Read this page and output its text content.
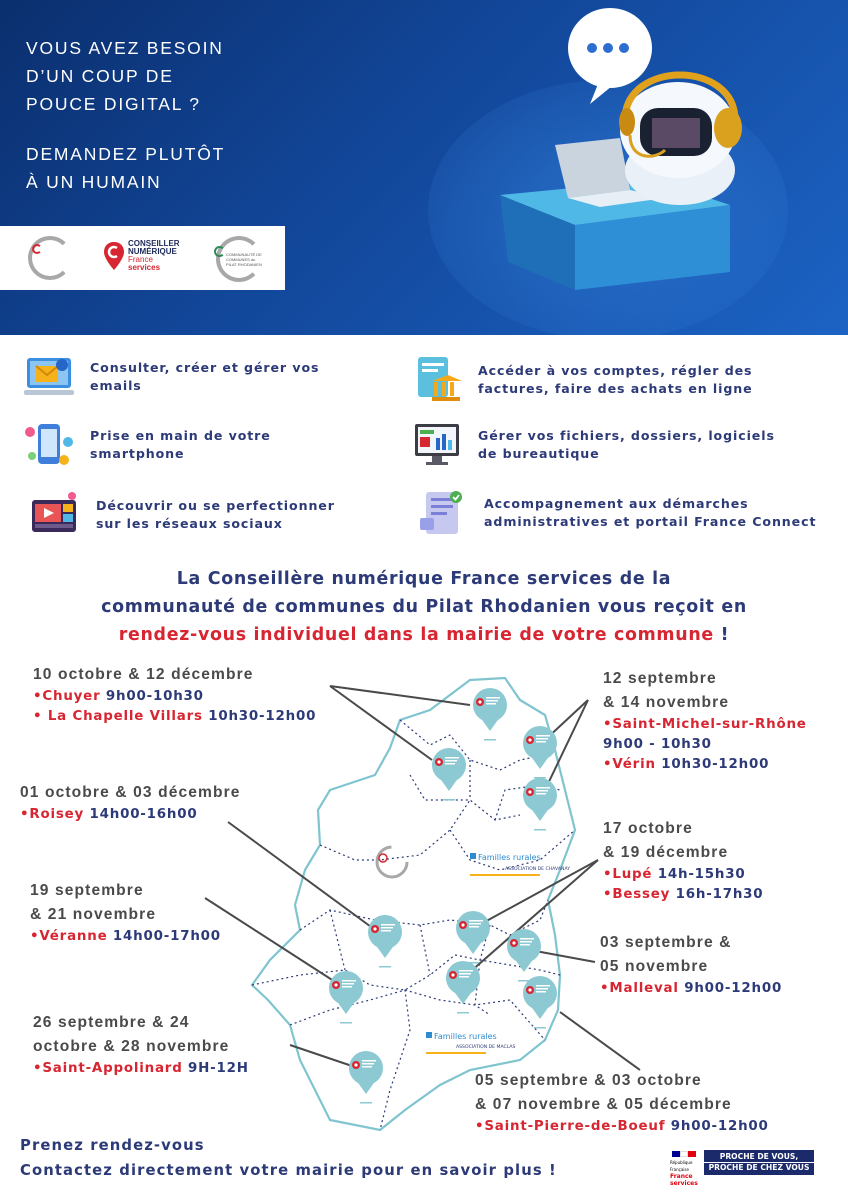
VOUS AVEZ BESOIN
D’UN COUP DE
POUCE DIGITAL ?
DEMANDEZ PLUTÔT
À UN HUMAIN
CONSEILLER
NUMÉRIQUE
France
services
COMMUNAUTÉ DE COMMUNES du PILAT RHODANIEN
Consulter, créer et gérer vos
emails
Accéder à vos comptes, régler des
factures, faire des achats en ligne
Prise en main de votre
smartphone
Gérer vos fichiers, dossiers, logiciels
de bureautique
Découvrir ou se perfectionner
sur les réseaux sociaux
Accompagnement aux démarches
administratives et portail France Connect
La Conseillère numérique France services de la
communauté de communes du Pilat Rhodanien vous reçoit en
rendez-vous individuel dans la mairie de votre commune !
Familles rurales
ASSOCIATION DE CHAVANAY
Familles rurales
ASSOCIATION DE MACLAS
10 octobre & 12 décembre
•Chuyer 9h00-10h30
• La Chapelle Villars 10h30-12h00
12 septembre
& 14 novembre
•Saint-Michel-sur-Rhône
9h00 - 10h30
•Vérin 10h30-12h00
01 octobre & 03 décembre
•Roisey 14h00-16h00
17 octobre
& 19 décembre
•Lupé 14h-15h30
•Bessey 16h-17h30
19 septembre
& 21 novembre
•Véranne 14h00-17h00	03 septembre &
05 novembre
•Malleval 9h00-12h00
26 septembre & 24
octobre & 28 novembre
•Saint-Appolinard 9H-12H
05 septembre & 03 octobre
& 07 novembre & 05 décembre
•Saint-Pierre-de-Boeuf 9h00-12h00
Prenez rendez-vous
Contactez directement votre mairie pour en savoir plus !	République
Française
France services
PROCHE DE VOUS,
PROCHE DE CHEZ VOUS
